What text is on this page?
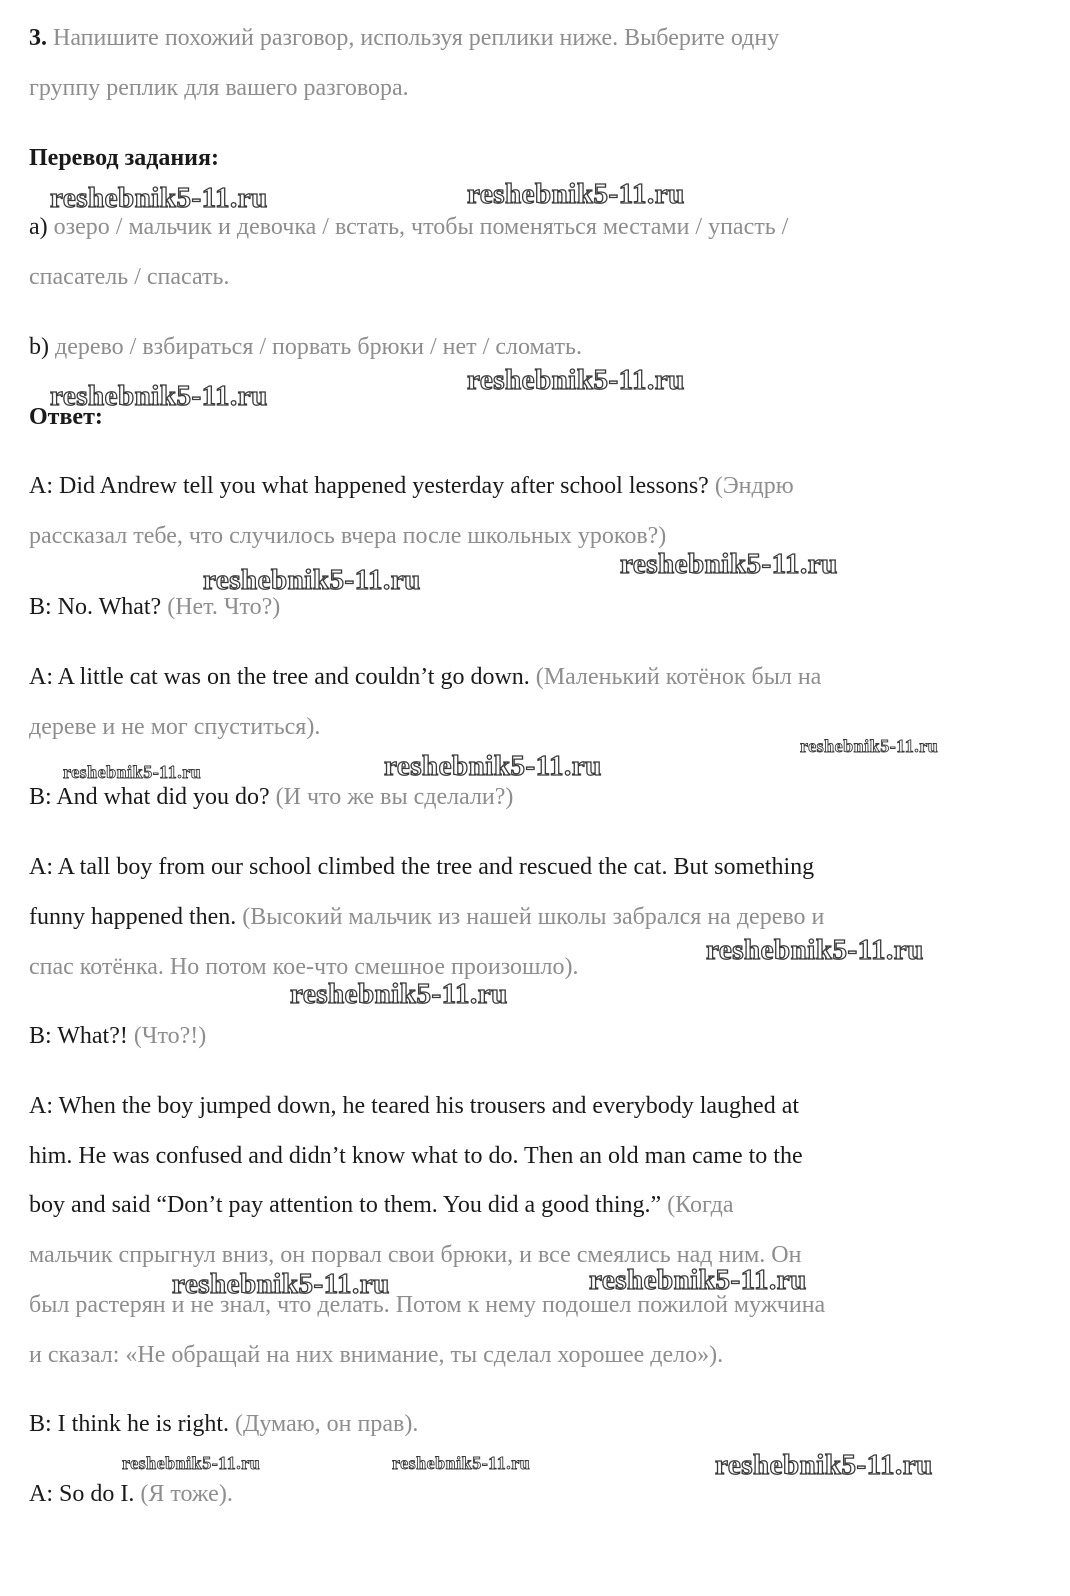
3. Напишите похожий разговор, используя реплики ниже. Выберите одну
группу реплик для вашего разговора.
Перевод задания:
a) озеро / мальчик и девочка / встать, чтобы поменяться местами / упасть /
спасатель / спасать.
b) дерево / взбираться / порвать брюки / нет / сломать.
Ответ:
A: Did Andrew tell you what happened yesterday after school lessons? (Эндрю
рассказал тебе, что случилось вчера после школьных уроков?)
B: No. What? (Нет. Что?)
A: A little cat was on the tree and couldn’t go down. (Маленький котёнок был на
дереве и не мог спуститься).
B: And what did you do? (И что же вы сделали?)
A: A tall boy from our school climbed the tree and rescued the cat. But something
funny happened then. (Высокий мальчик из нашей школы забрался на дерево и
спас котёнка. Но потом кое-что смешное произошло).
B: What?! (Что?!)
A: When the boy jumped down, he teared his trousers and everybody laughed at
him. He was confused and didn’t know what to do. Then an old man came to the
boy and said “Don’t pay attention to them. You did a good thing.” (Когда
мальчик спрыгнул вниз, он порвал свои брюки, и все смеялись над ним. Он
был растерян и не знал, что делать. Потом к нему подошел пожилой мужчина
и сказал: «Не обращай на них внимание, ты сделал хорошее дело»).
B: I think he is right. (Думаю, он прав).
A: So do I. (Я тоже).
reshebnik5-11.ru	reshebnik5-11.ru
reshebnik5-11.ru	reshebnik5-11.ru
reshebnik5-11.ru	reshebnik5-11.ru
reshebnik5-11.ru	reshebnik5-11.ru
reshebnik5-11.ru
reshebnik5-11.ru
reshebnik5-11.ru
reshebnik5-11.ru	reshebnik5-11.ru
reshebnik5-11.ru	reshebnik5-11.ru	reshebnik5-11.ru
